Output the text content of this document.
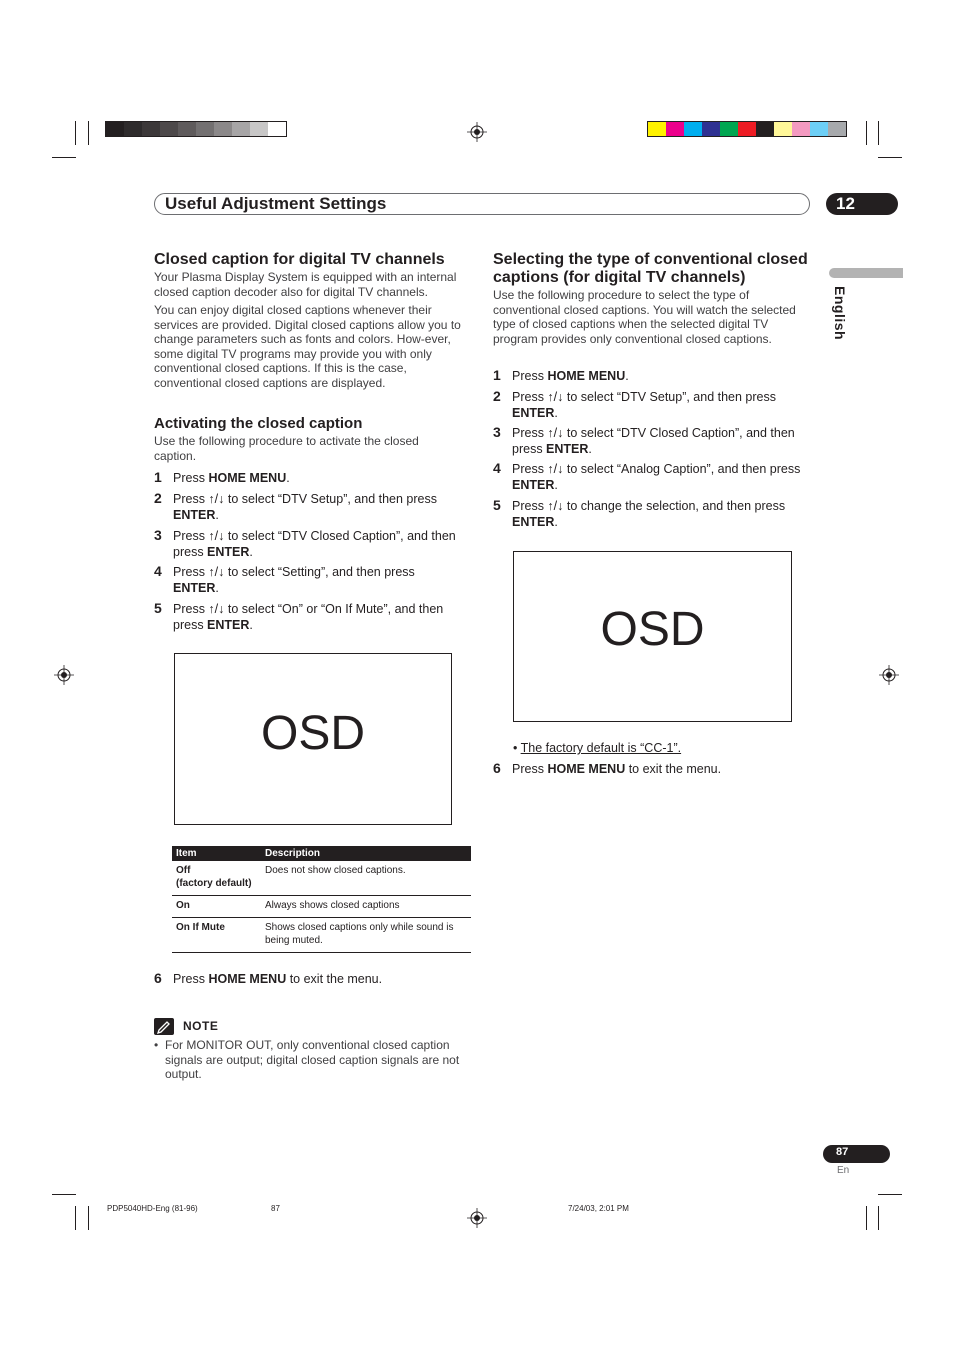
Useful Adjustment Settings	12
English
Closed caption for digital TV channels

Your Plasma Display System is equipped with an internal closed caption decoder also for digital TV channels.

You can enjoy digital closed captions whenever their services are provided. Digital closed captions allow you to change parameters such as fonts and colors. How-ever, some digital TV programs may provide you with only conventional closed captions. If this is the case, conventional closed captions are displayed.

Activating the closed caption

Use the following procedure to activate the closed caption.

1 Press HOME MENU.
2 Press ↑/↓ to select “DTV Setup”, and then press ENTER.
3 Press ↑/↓ to select “DTV Closed Caption”, and then press ENTER.
4 Press ↑/↓ to select “Setting”, and then press ENTER.
5 Press ↑/↓ to select “On” or “On If Mute”, and then press ENTER.
OSD
Item	Description
Off
(factory default)	Does not show closed captions.
On	Always shows closed captions
On If Mute	Shows closed captions only while sound is being muted.
6 Press HOME MENU to exit the menu.
NOTE
• For MONITOR OUT, only conventional closed caption signals are output; digital closed caption signals are not output.

Selecting the type of conventional closed captions (for digital TV channels)

Use the following procedure to select the type of conventional closed captions. You will watch the selected type of closed captions when the selected digital TV program provides only conventional closed captions.

1 Press HOME MENU.
2 Press ↑/↓ to select “DTV Setup”, and then press ENTER.
3 Press ↑/↓ to select “DTV Closed Caption”, and then press ENTER.
4 Press ↑/↓ to select “Analog Caption”, and then press ENTER.
5 Press ↑/↓ to change the selection, and then press ENTER.
OSD
• The factory default is “CC-1”.
6 Press HOME MENU to exit the menu.
87
En
PDP5040HD-Eng (81-96)	87	7/24/03, 2:01 PM
